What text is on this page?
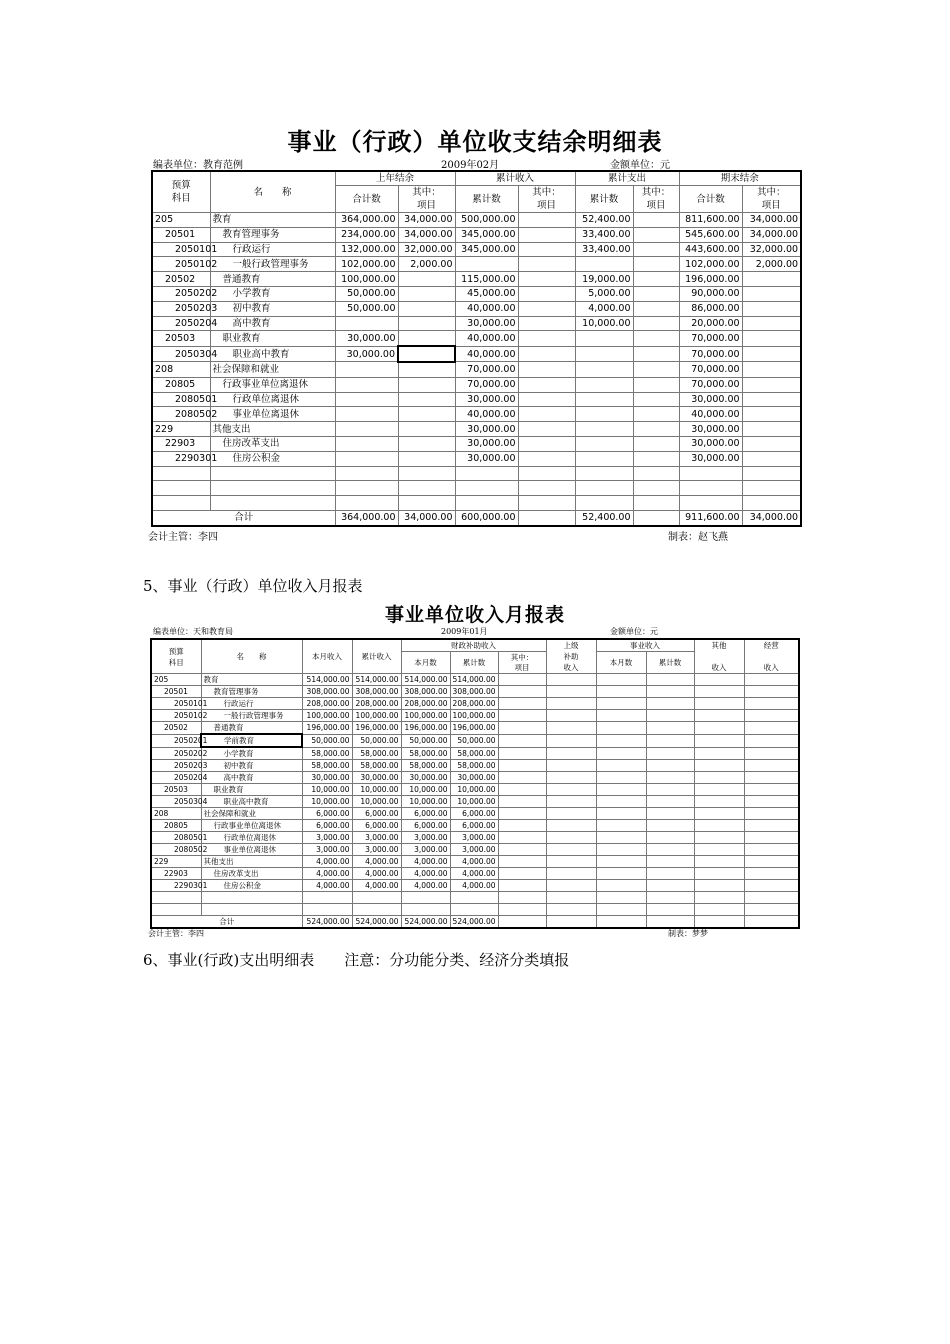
事业（行政）单位收支结余明细表
编表单位：教育范例	2009年02月	金额单位：元
预算
科目	名　　称	上年结余		累计收入		累计支出		期末结余	
		合计数	其中：
项目	累计数	其中：
项目	累计数	其中：
项目	合计数	其中：
项目
205	教育	364,000.00	34,000.00	500,000.00		52,400.00		811,600.00	34,000.00
20501	教育管理事务	234,000.00	34,000.00	345,000.00		33,400.00		545,600.00	34,000.00
2050101	行政运行	132,000.00	32,000.00	345,000.00		33,400.00		443,600.00	32,000.00
2050102	一般行政管理事务	102,000.00	2,000.00					102,000.00	2,000.00
20502	普通教育	100,000.00		115,000.00		19,000.00		196,000.00	
2050202	小学教育	50,000.00		45,000.00		5,000.00		90,000.00	
2050203	初中教育	50,000.00		40,000.00		4,000.00		86,000.00	
2050204	高中教育			30,000.00		10,000.00		20,000.00	
20503	职业教育	30,000.00		40,000.00				70,000.00	
2050304	职业高中教育	30,000.00		40,000.00				70,000.00	
208	社会保障和就业			70,000.00				70,000.00	
20805	行政事业单位离退休			70,000.00				70,000.00	
2080501	行政单位离退休			30,000.00				30,000.00	
2080502	事业单位离退休			40,000.00				40,000.00	
229	其他支出			30,000.00				30,000.00	
22903	住房改革支出			30,000.00				30,000.00	
2290301	住房公积金			30,000.00				30,000.00	

合计		364,000.00	34,000.00	600,000.00		52,400.00		911,600.00	34,000.00
会计主管：李四	制表：赵飞燕
5、事业（行政）单位收入月报表
事业单位收入月报表
编表单位：天和教育局	2009年01月	金额单位：元
预算
科目	名　　称	本月收入	累计收入	财政补助收入			上级
补助
收入	事业收入		其他

收入	经营

收入
				本月数	累计数	其中：
项目		本月数	累计数		
205	教育	514,000.00	514,000.00	514,000.00	514,000.00						
20501	教育管理事务	308,000.00	308,000.00	308,000.00	308,000.00						
2050101	行政运行	208,000.00	208,000.00	208,000.00	208,000.00						
2050102	一般行政管理事务	100,000.00	100,000.00	100,000.00	100,000.00						
20502	普通教育	196,000.00	196,000.00	196,000.00	196,000.00						
2050201	学前教育	50,000.00	50,000.00	50,000.00	50,000.00						
2050202	小学教育	58,000.00	58,000.00	58,000.00	58,000.00						
2050203	初中教育	58,000.00	58,000.00	58,000.00	58,000.00						
2050204	高中教育	30,000.00	30,000.00	30,000.00	30,000.00						
20503	职业教育	10,000.00	10,000.00	10,000.00	10,000.00						
2050304	职业高中教育	10,000.00	10,000.00	10,000.00	10,000.00						
208	社会保障和就业	6,000.00	6,000.00	6,000.00	6,000.00						
20805	行政事业单位离退休	6,000.00	6,000.00	6,000.00	6,000.00						
2080501	行政单位离退休	3,000.00	3,000.00	3,000.00	3,000.00						
2080502	事业单位离退休	3,000.00	3,000.00	3,000.00	3,000.00						
229	其他支出	4,000.00	4,000.00	4,000.00	4,000.00						
22903	住房改革支出	4,000.00	4,000.00	4,000.00	4,000.00						
2290301	住房公积金	4,000.00	4,000.00	4,000.00	4,000.00						

合计		524,000.00	524,000.00	524,000.00	524,000.00						
会计主管：李四	制表：梦梦
6、事业(行政)支出明细表　　注意：分功能分类、经济分类填报
